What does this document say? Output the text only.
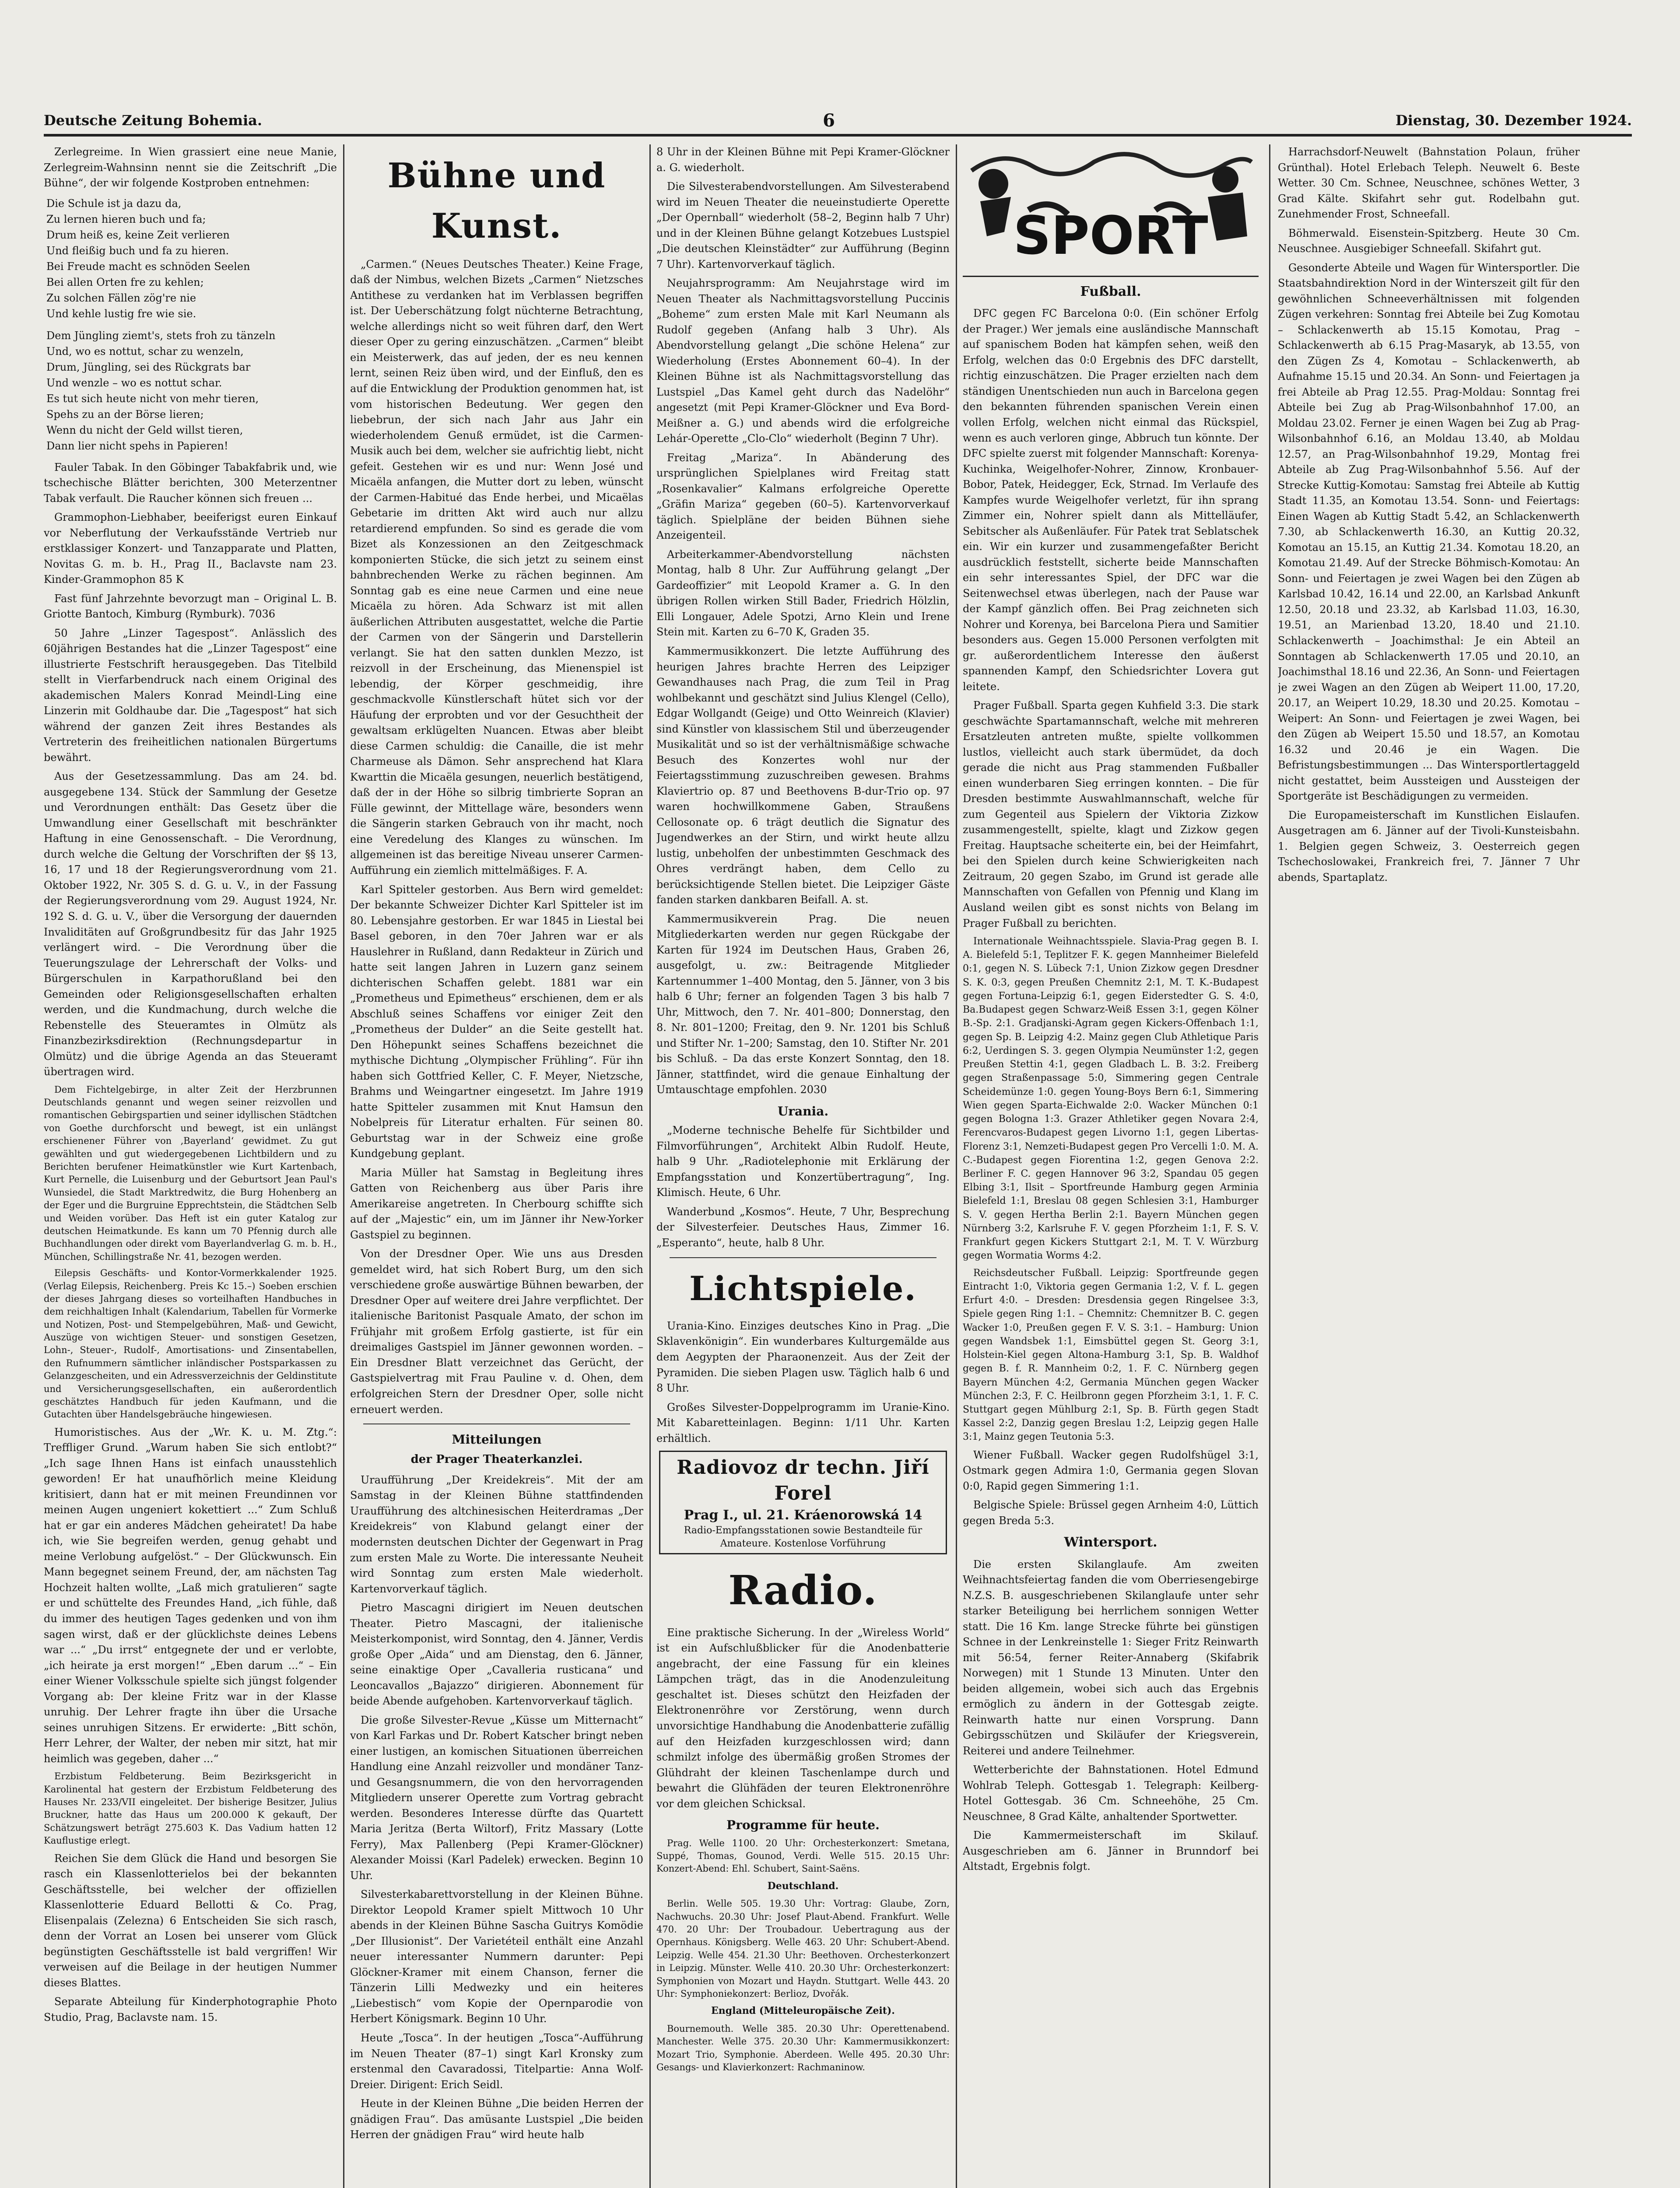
Deutsche Zeitung Bohemia.	6	Dienstag, 30. Dezember 1924.

Zerlegreime. In Wien grassiert eine neue Manie, Zerlegreim-Wahnsinn nennt sie die Zeitschrift „Die Bühne“, der wir folgende Kostproben entnehmen:

Die Schule ist ja dazu da,
Zu lernen hieren buch und fa;
Drum heiß es, keine Zeit verlieren
Und fleißig buch und fa zu hieren.
Bei Freude macht es schnöden Seelen
Bei allen Orten fre zu kehlen;
Zu solchen Fällen zög're nie
Und kehle lustig fre wie sie.
Dem Jüngling ziemt's, stets froh zu tänzeln
Und, wo es nottut, schar zu wenzeln,
Drum, Jüngling, sei des Rückgrats bar
Und wenzle – wo es nottut schar.
Es tut sich heute nicht von mehr tieren,
Spehs zu an der Börse lieren;
Wenn du nicht der Geld willst tieren,
Dann lier nicht spehs in Papieren!

Fauler Tabak. In den Göbinger Tabakfabrik und, wie tschechische Blätter berichten, 300 Meterzentner Tabak verfault. Die Raucher können sich freuen ...

Grammophon-Liebhaber, beeiferigst euren Einkauf vor Neberflutung der Verkaufsstände Vertrieb nur erstklassiger Konzert- und Tanzapparate und Platten, Novitas G. m. b. H., Prag II., Baclavste nam 23. Kinder-Grammophon 85 K

Fast fünf Jahrzehnte bevorzugt man – Original L. B. Griotte Bantoch, Kimburg (Rymburk). 7036

50 Jahre „Linzer Tagespost“. Anlässlich des 60jährigen Bestandes hat die „Linzer Tagespost“ eine illustrierte Festschrift herausgegeben. Das Titelbild stellt in Vierfarbendruck nach einem Original des akademischen Malers Konrad Meindl-Ling eine Linzerin mit Goldhaube dar. Die „Tagespost“ hat sich während der ganzen Zeit ihres Bestandes als Vertreterin des freiheitlichen nationalen Bürgertums bewährt.

Aus der Gesetzessammlung. Das am 24. bd. ausgegebene 134. Stück der Sammlung der Gesetze und Verordnungen enthält: Das Gesetz über die Umwandlung einer Gesellschaft mit beschränkter Haftung in eine Genossenschaft. – Die Verordnung, durch welche die Geltung der Vorschriften der §§ 13, 16, 17 und 18 der Regierungsverordnung vom 21. Oktober 1922, Nr. 305 S. d. G. u. V., in der Fassung der Regierungsverordnung vom 29. August 1924, Nr. 192 S. d. G. u. V., über die Versorgung der dauernden Invaliditäten auf Großgrundbesitz für das Jahr 1925 verlängert wird. – Die Verordnung über die Teuerungszulage der Lehrerschaft der Volks- und Bürgerschulen in Karpathorußland bei den Gemeinden oder Religionsgesellschaften erhalten werden, und die Kundmachung, durch welche die Rebenstelle des Steueramtes in Olmütz als Finanzbezirksdirektion (Rechnungsdepartur in Olmütz) und die übrige Agenda an das Steueramt übertragen wird.

Dem Fichtelgebirge, in alter Zeit der Herzbrunnen Deutschlands genannt und wegen seiner reizvollen und romantischen Gebirgspartien und seiner idyllischen Städtchen von Goethe durchforscht und bewegt, ist ein unlängst erschienener Führer von ‚Bayerland‘ gewidmet. Zu gut gewählten und gut wiedergegebenen Lichtbildern und zu Berichten berufener Heimatkünstler wie Kurt Kartenbach, Kurt Pernelle, die Luisenburg und der Geburtsort Jean Paul's Wunsiedel, die Stadt Marktredwitz, die Burg Hohenberg an der Eger und die Burgruine Epprechtstein, die Städtchen Selb und Weiden vorüber. Das Heft ist ein guter Katalog zur deutschen Heimatkunde. Es kann um 70 Pfennig durch alle Buchhandlungen oder direkt vom Bayerlandverlag G. m. b. H., München, Schillingstraße Nr. 41, bezogen werden.

Eilepsis Geschäfts- und Kontor-Vormerkkalender 1925. (Verlag Eilepsis, Reichenberg. Preis Kc 15.–) Soeben erschien der dieses Jahrgang dieses so vorteilhaften Handbuches in dem reichhaltigen Inhalt (Kalendarium, Tabellen für Vormerke und Notizen, Post- und Stempelgebühren, Maß- und Gewicht, Auszüge von wichtigen Steuer- und sonstigen Gesetzen, Lohn-, Steuer-, Rudolf-, Amortisations- und Zinsentabellen, den Rufnummern sämtlicher inländischer Postsparkassen zu Gelanzgescheiten, und ein Adressverzeichnis der Geldinstitute und Versicherungsgesellschaften, ein außerordentlich geschätztes Handbuch für jeden Kaufmann, und die Gutachten über Handelsgebräuche hingewiesen.

Humoristisches. Aus der „Wr. K. u. M. Ztg.“: Treffliger Grund. „Warum haben Sie sich entlobt?“ „Ich sage Ihnen Hans ist einfach unausstehlich geworden! Er hat unaufhörlich meine Kleidung kritisiert, dann hat er mit meinen Freundinnen vor meinen Augen ungeniert kokettiert ...“ Zum Schluß hat er gar ein anderes Mädchen geheiratet! Da habe ich, wie Sie begreifen werden, genug gehabt und meine Verlobung aufgelöst.“ – Der Glückwunsch. Ein Mann begegnet seinem Freund, der, am nächsten Tag Hochzeit halten wollte, „Laß mich gratulieren“ sagte er und schüttelte des Freundes Hand, „ich fühle, daß du immer des heutigen Tages gedenken und von ihm sagen wirst, daß er der glücklichste deines Lebens war ...“ „Du irrst“ entgegnete der und er verlobte, „ich heirate ja erst morgen!“ „Eben darum ...“ – Ein einer Wiener Volksschule spielte sich jüngst folgender Vorgang ab: Der kleine Fritz war in der Klasse unruhig. Der Lehrer fragte ihn über die Ursache seines unruhigen Sitzens. Er erwiderte: „Bitt schön, Herr Lehrer, der Walter, der neben mir sitzt, hat mir heimlich was gegeben, daher ...“

Erzbistum Feldbeterung. Beim Bezirksgericht in Karolinental hat gestern der Erzbistum Feldbeterung des Hauses Nr. 233/VII eingeleitet. Der bisherige Besitzer, Julius Bruckner, hatte das Haus um 200.000 K gekauft, Der Schätzungswert beträgt 275.603 K. Das Vadium hatten 12 Kauflustige erlegt.

Reichen Sie dem Glück die Hand und besorgen Sie rasch ein Klassenlotterielos bei der bekannten Geschäftsstelle, bei welcher der offiziellen Klassenlotterie Eduard Bellotti & Co. Prag, Elisenpalais (Zelezna) 6 Entscheiden Sie sich rasch, denn der Vorrat an Losen bei unserer vom Glück begünstigten Geschäftsstelle ist bald vergriffen! Wir verweisen auf die Beilage in der heutigen Nummer dieses Blattes.

Separate Abteilung für Kinderphotographie Photo Studio, Prag, Baclavste nam. 15.

Bühne und Kunst.

„Carmen.“ (Neues Deutsches Theater.) Keine Frage, daß der Nimbus, welchen Bizets „Carmen“ Nietzsches Antithese zu verdanken hat im Verblassen begriffen ist. Der Ueberschätzung folgt nüchterne Betrachtung, welche allerdings nicht so weit führen darf, den Wert dieser Oper zu gering einzuschätzen. „Carmen“ bleibt ein Meisterwerk, das auf jeden, der es neu kennen lernt, seinen Reiz üben wird, und der Einfluß, den es auf die Entwicklung der Produktion genommen hat, ist vom historischen Bedeutung. Wer gegen den liebebrun, der sich nach Jahr aus Jahr ein wiederholendem Genuß ermüdet, ist die Carmen-Musik auch bei dem, welcher sie aufrichtig liebt, nicht gefeit. Gestehen wir es und nur: Wenn José und Micaëla anfangen, die Mutter dort zu leben, wünscht der Carmen-Habitué das Ende herbei, und Micaëlas Gebetarie im dritten Akt wird auch nur allzu retardierend empfunden. So sind es gerade die vom Bizet als Konzessionen an den Zeitgeschmack komponierten Stücke, die sich jetzt zu seinem einst bahnbrechenden Werke zu rächen beginnen. Am Sonntag gab es eine neue Carmen und eine neue Micaëla zu hören. Ada Schwarz ist mit allen äußerlichen Attributen ausgestattet, welche die Partie der Carmen von der Sängerin und Darstellerin verlangt. Sie hat den satten dunklen Mezzo, ist reizvoll in der Erscheinung, das Mienenspiel ist lebendig, der Körper geschmeidig, ihre geschmackvolle Künstlerschaft hütet sich vor der Häufung der erprobten und vor der Gesuchtheit der gewaltsam erklügelten Nuancen. Etwas aber bleibt diese Carmen schuldig: die Canaille, die ist mehr Charmeuse als Dämon. Sehr ansprechend hat Klara Kwarttin die Micaëla gesungen, neuerlich bestätigend, daß der in der Höhe so silbrig timbrierte Sopran an Fülle gewinnt, der Mittellage wäre, besonders wenn die Sängerin starken Gebrauch von ihr macht, noch eine Veredelung des Klanges zu wünschen. Im allgemeinen ist das bereitige Niveau unserer Carmen-Aufführung ein ziemlich mittelmäßiges. F. A.

Karl Spitteler gestorben. Aus Bern wird gemeldet: Der bekannte Schweizer Dichter Karl Spitteler ist im 80. Lebensjahre gestorben. Er war 1845 in Liestal bei Basel geboren, in den 70er Jahren war er als Hauslehrer in Rußland, dann Redakteur in Zürich und hatte seit langen Jahren in Luzern ganz seinem dichterischen Schaffen gelebt. 1881 war ein „Prometheus und Epimetheus“ erschienen, dem er als Abschluß seines Schaffens vor einiger Zeit den „Prometheus der Dulder“ an die Seite gestellt hat. Den Höhepunkt seines Schaffens bezeichnet die mythische Dichtung „Olympischer Frühling“. Für ihn haben sich Gottfried Keller, C. F. Meyer, Nietzsche, Brahms und Weingartner eingesetzt. Im Jahre 1919 hatte Spitteler zusammen mit Knut Hamsun den Nobelpreis für Literatur erhalten. Für seinen 80. Geburtstag war in der Schweiz eine große Kundgebung geplant.

Maria Müller hat Samstag in Begleitung ihres Gatten von Reichenberg aus über Paris ihre Amerikareise angetreten. In Cherbourg schiffte sich auf der „Majestic“ ein, um im Jänner ihr New-Yorker Gastspiel zu beginnen.

Von der Dresdner Oper. Wie uns aus Dresden gemeldet wird, hat sich Robert Burg, um den sich verschiedene große auswärtige Bühnen bewarben, der Dresdner Oper auf weitere drei Jahre verpflichtet. Der italienische Baritonist Pasquale Amato, der schon im Frühjahr mit großem Erfolg gastierte, ist für ein dreimaliges Gastspiel im Jänner gewonnen worden. – Ein Dresdner Blatt verzeichnet das Gerücht, der Gastspielvertrag mit Frau Pauline v. d. Ohen, dem erfolgreichen Stern der Dresdner Oper, solle nicht erneuert werden.

Mitteilungen
der Prager Theaterkanzlei.

Uraufführung „Der Kreidekreis“. Mit der am Samstag in der Kleinen Bühne stattfindenden Uraufführung des altchinesischen Heiterdramas „Der Kreidekreis“ von Klabund gelangt einer der modernsten deutschen Dichter der Gegenwart in Prag zum ersten Male zu Worte. Die interessante Neuheit wird Sonntag zum ersten Male wiederholt. Kartenvorverkauf täglich.

Pietro Mascagni dirigiert im Neuen deutschen Theater. Pietro Mascagni, der italienische Meisterkomponist, wird Sonntag, den 4. Jänner, Verdis große Oper „Aida“ und am Dienstag, den 6. Jänner, seine einaktige Oper „Cavalleria rusticana“ und Leoncavallos „Bajazzo“ dirigieren. Abonnement für beide Abende aufgehoben. Kartenvorverkauf täglich.

Die große Silvester-Revue „Küsse um Mitternacht“ von Karl Farkas und Dr. Robert Katscher bringt neben einer lustigen, an komischen Situationen überreichen Handlung eine Anzahl reizvoller und mondäner Tanz- und Gesangsnummern, die von den hervorragenden Mitgliedern unserer Operette zum Vortrag gebracht werden. Besonderes Interesse dürfte das Quartett Maria Jeritza (Berta Wiltorf), Fritz Massary (Lotte Ferry), Max Pallenberg (Pepi Kramer-Glöckner) Alexander Moissi (Karl Padelek) erwecken. Beginn 10 Uhr.

Silvesterkabarettvorstellung in der Kleinen Bühne. Direktor Leopold Kramer spielt Mittwoch 10 Uhr abends in der Kleinen Bühne Sascha Guitrys Komödie „Der Illusionist“. Der Varietéteil enthält eine Anzahl neuer interessanter Nummern darunter: Pepi Glöckner-Kramer mit einem Chanson, ferner die Tänzerin Lilli Medwezky und ein heiteres „Liebestisch“ vom Kopie der Opernparodie von Herbert Königsmark. Beginn 10 Uhr.

Heute „Tosca“. In der heutigen „Tosca“-Aufführung im Neuen Theater (87–1) singt Karl Kronsky zum erstenmal den Cavaradossi, Titelpartie: Anna Wolf-Dreier. Dirigent: Erich Seidl.

Heute in der Kleinen Bühne „Die beiden Herren der gnädigen Frau“. Das amüsante Lustspiel „Die beiden Herren der gnädigen Frau“ wird heute halb

8 Uhr in der Kleinen Bühne mit Pepi Kramer-Glöckner a. G. wiederholt.

Die Silvesterabendvorstellungen. Am Silvesterabend wird im Neuen Theater die neueinstudierte Operette „Der Opernball“ wiederholt (58–2, Beginn halb 7 Uhr) und in der Kleinen Bühne gelangt Kotzebues Lustspiel „Die deutschen Kleinstädter“ zur Aufführung (Beginn 7 Uhr). Kartenvorverkauf täglich.

Neujahrsprogramm: Am Neujahrstage wird im Neuen Theater als Nachmittagsvorstellung Puccinis „Boheme“ zum ersten Male mit Karl Neumann als Rudolf gegeben (Anfang halb 3 Uhr). Als Abendvorstellung gelangt „Die schöne Helena“ zur Wiederholung (Erstes Abonnement 60–4). In der Kleinen Bühne ist als Nachmittagsvorstellung das Lustspiel „Das Kamel geht durch das Nadelöhr“ angesetzt (mit Pepi Kramer-Glöckner und Eva Bord-Meißner a. G.) und abends wird die erfolgreiche Lehár-Operette „Clo-Clo“ wiederholt (Beginn 7 Uhr).

Freitag „Mariza“. In Abänderung des ursprünglichen Spielplanes wird Freitag statt „Rosenkavalier“ Kalmans erfolgreiche Operette „Gräfin Mariza“ gegeben (60–5). Kartenvorverkauf täglich. Spielpläne der beiden Bühnen siehe Anzeigenteil.

Arbeiterkammer-Abendvorstellung nächsten Montag, halb 8 Uhr. Zur Aufführung gelangt „Der Gardeoffizier“ mit Leopold Kramer a. G. In den übrigen Rollen wirken Still Bader, Friedrich Hölzlin, Elli Longauer, Adele Spotzi, Arno Klein und Irene Stein mit. Karten zu 6–70 K, Graden 35.

Kammermusikkonzert. Die letzte Aufführung des heurigen Jahres brachte Herren des Leipziger Gewandhauses nach Prag, die zum Teil in Prag wohlbekannt und geschätzt sind Julius Klengel (Cello), Edgar Wollgandt (Geige) und Otto Weinreich (Klavier) sind Künstler von klassischem Stil und überzeugender Musikalität und so ist der verhältnismäßige schwache Besuch des Konzertes wohl nur der Feiertagsstimmung zuzuschreiben gewesen. Brahms Klaviertrio op. 87 und Beethovens B-dur-Trio op. 97 waren hochwillkommene Gaben, Straußens Cellosonate op. 6 trägt deutlich die Signatur des Jugendwerkes an der Stirn, und wirkt heute allzu lustig, unbeholfen der unbestimmten Geschmack des Ohres verdrängt haben, dem Cello zu berücksichtigende Stellen bietet. Die Leipziger Gäste fanden starken dankbaren Beifall. A. st.

Kammermusikverein Prag. Die neuen Mitgliederkarten werden nur gegen Rückgabe der Karten für 1924 im Deutschen Haus, Graben 26, ausgefolgt, u. zw.: Beitragende Mitglieder Kartennummer 1–400 Montag, den 5. Jänner, von 3 bis halb 6 Uhr; ferner an folgenden Tagen 3 bis halb 7 Uhr, Mittwoch, den 7. Nr. 401–800; Donnerstag, den 8. Nr. 801–1200; Freitag, den 9. Nr. 1201 bis Schluß und Stifter Nr. 1–200; Samstag, den 10. Stifter Nr. 201 bis Schluß. – Da das erste Konzert Sonntag, den 18. Jänner, stattfindet, wird die genaue Einhaltung der Umtauschtage empfohlen. 2030

Urania.

„Moderne technische Behelfe für Sichtbilder und Filmvorführungen“, Architekt Albin Rudolf. Heute, halb 9 Uhr. „Radiotelephonie mit Erklärung der Empfangsstation und Konzertübertragung“, Ing. Klimisch. Heute, 6 Uhr.

Wanderbund „Kosmos“. Heute, 7 Uhr, Besprechung der Silvesterfeier. Deutsches Haus, Zimmer 16. „Esperanto“, heute, halb 8 Uhr.

Lichtspiele.

Urania-Kino. Einziges deutsches Kino in Prag. „Die Sklavenkönigin“. Ein wunderbares Kulturgemälde aus dem Aegypten der Pharaonenzeit. Aus der Zeit der Pyramiden. Die sieben Plagen usw. Täglich halb 6 und 8 Uhr.

Großes Silvester-Doppelprogramm im Uranie-Kino. Mit Kabaretteinlagen. Beginn: 1/11 Uhr. Karten erhältlich.

Radiovoz dr techn. Jiří Forel
Prag I., ul. 21. Kráenorowská 14
Radio-Empfangsstationen sowie Bestandteile für Amateure. Kostenlose Vorführung
Radio.

Eine praktische Sicherung. In der „Wireless World“ ist ein Aufschlußblicker für die Anodenbatterie angebracht, der eine Fassung für ein kleines Lämpchen trägt, das in die Anodenzuleitung geschaltet ist. Dieses schützt den Heizfaden der Elektronenröhre vor Zerstörung, wenn durch unvorsichtige Handhabung die Anodenbatterie zufällig auf den Heizfaden kurzgeschlossen wird; dann schmilzt infolge des übermäßig großen Stromes der Glühdraht der kleinen Taschenlampe durch und bewahrt die Glühfäden der teuren Elektronenröhre vor dem gleichen Schicksal.

Programme für heute.

Prag. Welle 1100. 20 Uhr: Orchesterkonzert: Smetana, Suppé, Thomas, Gounod, Verdi. Welle 515. 20.15 Uhr: Konzert-Abend: Ehl. Schubert, Saint-Saëns.

Deutschland.

Berlin. Welle 505. 19.30 Uhr: Vortrag: Glaube, Zorn, Nachwuchs. 20.30 Uhr: Josef Plaut-Abend. Frankfurt. Welle 470. 20 Uhr: Der Troubadour. Uebertragung aus der Opernhaus. Königsberg. Welle 463. 20 Uhr: Schubert-Abend. Leipzig. Welle 454. 21.30 Uhr: Beethoven. Orchesterkonzert in Leipzig. Münster. Welle 410. 20.30 Uhr: Orchesterkonzert: Symphonien von Mozart und Haydn. Stuttgart. Welle 443. 20 Uhr: Symphoniekonzert: Berlioz, Dvořák.

England (Mitteleuropäische Zeit).

Bournemouth. Welle 385. 20.30 Uhr: Operettenabend. Manchester. Welle 375. 20.30 Uhr: Kammermusikkonzert: Mozart Trio, Symphonie. Aberdeen. Welle 495. 20.30 Uhr: Gesangs- und Klavierkonzert: Rachmaninow.

SPORT
Fußball.

DFC gegen FC Barcelona 0:0. (Ein schöner Erfolg der Prager.) Wer jemals eine ausländische Mannschaft auf spanischem Boden hat kämpfen sehen, weiß den Erfolg, welchen das 0:0 Ergebnis des DFC darstellt, richtig einzuschätzen. Die Prager erzielten nach dem ständigen Unentschieden nun auch in Barcelona gegen den bekannten führenden spanischen Verein einen vollen Erfolg, welchen nicht einmal das Rückspiel, wenn es auch verloren ginge, Abbruch tun könnte. Der DFC spielte zuerst mit folgender Mannschaft: Korenya-Kuchinka, Weigelhofer-Nohrer, Zinnow, Kronbauer-Bobor, Patek, Heidegger, Eck, Strnad. Im Verlaufe des Kampfes wurde Weigelhofer verletzt, für ihn sprang Zimmer ein, Nohrer spielt dann als Mittelläufer, Sebitscher als Außenläufer. Für Patek trat Seblatschek ein. Wir ein kurzer und zusammengefaßter Bericht ausdrücklich feststellt, sicherte beide Mannschaften ein sehr interessantes Spiel, der DFC war die Seitenwechsel etwas überlegen, nach der Pause war der Kampf gänzlich offen. Bei Prag zeichneten sich Nohrer und Korenya, bei Barcelona Piera und Samitier besonders aus. Gegen 15.000 Personen verfolgten mit gr. außerordentlichem Interesse den äußerst spannenden Kampf, den Schiedsrichter Lovera gut leitete.

Prager Fußball. Sparta gegen Kuhfield 3:3. Die stark geschwächte Spartamannschaft, welche mit mehreren Ersatzleuten antreten mußte, spielte vollkommen lustlos, vielleicht auch stark übermüdet, da doch gerade die nicht aus Prag stammenden Fußballer einen wunderbaren Sieg erringen konnten. – Die für Dresden bestimmte Auswahlmannschaft, welche für zum Gegenteil aus Spielern der Viktoria Zizkow zusammengestellt, spielte, klagt und Zizkow gegen Freitag. Hauptsache scheiterte ein, bei der Heimfahrt, bei den Spielen durch keine Schwierigkeiten nach Zeitraum, 20 gegen Szabo, im Grund ist gerade alle Mannschaften von Gefallen von Pfennig und Klang im Ausland weilen gibt es sonst nichts von Belang im Prager Fußball zu berichten.

Internationale Weihnachtsspiele. Slavia-Prag gegen B. I. A. Bielefeld 5:1, Teplitzer F. K. gegen Mannheimer Bielefeld 0:1, gegen N. S. Lübeck 7:1, Union Zizkow gegen Dresdner S. K. 0:3, gegen Preußen Chemnitz 2:1, M. T. K.-Budapest gegen Fortuna-Leipzig 6:1, gegen Eiderstedter G. S. 4:0, Ba.Budapest gegen Schwarz-Weiß Essen 3:1, gegen Kölner B.-Sp. 2:1. Gradjanski-Agram gegen Kickers-Offenbach 1:1, gegen Sp. B. Leipzig 4:2. Mainz gegen Club Athletique Paris 6:2, Uerdingen S. 3. gegen Olympia Neumünster 1:2, gegen Preußen Stettin 4:1, gegen Gladbach L. B. 3:2. Freiberg gegen Straßenpassage 5:0, Simmering gegen Centrale Scheidemünze 1:0. gegen Young-Boys Bern 6:1, Simmering Wien gegen Sparta-Eichwalde 2:0. Wacker München 0:1 gegen Bologna 1:3. Grazer Athletiker gegen Novara 2:4, Ferencvaros-Budapest gegen Livorno 1:1, gegen Libertas-Florenz 3:1, Nemzeti-Budapest gegen Pro Vercelli 1:0. M. A. C.-Budapest gegen Fiorentina 1:2, gegen Genova 2:2. Berliner F. C. gegen Hannover 96 3:2, Spandau 05 gegen Elbing 3:1, Ilsit – Sportfreunde Hamburg gegen Arminia Bielefeld 1:1, Breslau 08 gegen Schlesien 3:1, Hamburger S. V. gegen Hertha Berlin 2:1. Bayern München gegen Nürnberg 3:2, Karlsruhe F. V. gegen Pforzheim 1:1, F. S. V. Frankfurt gegen Kickers Stuttgart 2:1, M. T. V. Würzburg gegen Wormatia Worms 4:2.

Reichsdeutscher Fußball. Leipzig: Sportfreunde gegen Eintracht 1:0, Viktoria gegen Germania 1:2, V. f. L. gegen Erfurt 4:0. – Dresden: Dresdensia gegen Ringelsee 3:3, Spiele gegen Ring 1:1. – Chemnitz: Chemnitzer B. C. gegen Wacker 1:0, Preußen gegen F. V. S. 3:1. – Hamburg: Union gegen Wandsbek 1:1, Eimsbüttel gegen St. Georg 3:1, Holstein-Kiel gegen Altona-Hamburg 3:1, Sp. B. Waldhof gegen B. f. R. Mannheim 0:2, 1. F. C. Nürnberg gegen Bayern München 4:2, Germania München gegen Wacker München 2:3, F. C. Heilbronn gegen Pforzheim 3:1, 1. F. C. Stuttgart gegen Mühlburg 2:1, Sp. B. Fürth gegen Stadt Kassel 2:2, Danzig gegen Breslau 1:2, Leipzig gegen Halle 3:1, Mainz gegen Teutonia 5:3.

Wiener Fußball. Wacker gegen Rudolfshügel 3:1, Ostmark gegen Admira 1:0, Germania gegen Slovan 0:0, Rapid gegen Simmering 1:1.

Belgische Spiele: Brüssel gegen Arnheim 4:0, Lüttich gegen Breda 5:3.

Wintersport.

Die ersten Skilanglaufe. Am zweiten Weihnachtsfeiertag fanden die vom Oberriesengebirge N.Z.S. B. ausgeschriebenen Skilanglaufe unter sehr starker Beteiligung bei herrlichem sonnigen Wetter statt. Die 16 Km. lange Strecke führte bei günstigen Schnee in der Lenkreinstelle 1: Sieger Fritz Reinwarth mit 56:54, ferner Reiter-Annaberg (Skifabrik Norwegen) mit 1 Stunde 13 Minuten. Unter den beiden allgemein, wobei sich auch das Ergebnis ermöglich zu ändern in der Gottesgab zeigte. Reinwarth hatte nur einen Vorsprung. Dann Gebirgsschützen und Skiläufer der Kriegsverein, Reiterei und andere Teilnehmer.

Wetterberichte der Bahnstationen. Hotel Edmund Wohlrab Teleph. Gottesgab 1. Telegraph: Keilberg-Hotel Gottesgab. 36 Cm. Schneehöhe, 25 Cm. Neuschnee, 8 Grad Kälte, anhaltender Sportwetter.

Die Kammermeisterschaft im Skilauf. Ausgeschrieben am 6. Jänner in Brunndorf bei Altstadt, Ergebnis folgt.

Harrachsdorf-Neuwelt (Bahnstation Polaun, früher Grünthal). Hotel Erlebach Teleph. Neuwelt 6. Beste Wetter. 30 Cm. Schnee, Neuschnee, schönes Wetter, 3 Grad Kälte. Skifahrt sehr gut. Rodelbahn gut. Zunehmender Frost, Schneefall.

Böhmerwald. Eisenstein-Spitzberg. Heute 30 Cm. Neuschnee. Ausgiebiger Schneefall. Skifahrt gut.

Gesonderte Abteile und Wagen für Wintersportler. Die Staatsbahndirektion Nord in der Winterszeit gilt für den gewöhnlichen Schneeverhältnissen mit folgenden Zügen verkehren: Sonntag frei Abteile bei Zug Komotau – Schlackenwerth ab 15.15 Komotau, Prag – Schlackenwerth ab 6.15 Prag-Masaryk, ab 13.55, von den Zügen Zs 4, Komotau – Schlackenwerth, ab Aufnahme 15.15 und 20.34. An Sonn- und Feiertagen ja frei Abteile ab Prag 12.55. Prag-Moldau: Sonntag frei Abteile bei Zug ab Prag-Wilsonbahnhof 17.00, an Moldau 23.02. Ferner je einen Wagen bei Zug ab Prag-Wilsonbahnhof 6.16, an Moldau 13.40, ab Moldau 12.57, an Prag-Wilsonbahnhof 19.29, Montag frei Abteile ab Zug Prag-Wilsonbahnhof 5.56. Auf der Strecke Kuttig-Komotau: Samstag frei Abteile ab Kuttig Stadt 11.35, an Komotau 13.54. Sonn- und Feiertags: Einen Wagen ab Kuttig Stadt 5.42, an Schlackenwerth 7.30, ab Schlackenwerth 16.30, an Kuttig 20.32, Komotau an 15.15, an Kuttig 21.34. Komotau 18.20, an Komotau 21.49. Auf der Strecke Böhmisch-Komotau: An Sonn- und Feiertagen je zwei Wagen bei den Zügen ab Karlsbad 10.42, 16.14 und 22.00, an Karlsbad Ankunft 12.50, 20.18 und 23.32, ab Karlsbad 11.03, 16.30, 19.51, an Marienbad 13.20, 18.40 und 21.10. Schlackenwerth – Joachimsthal: Je ein Abteil an Sonntagen ab Schlackenwerth 17.05 und 20.10, an Joachimsthal 18.16 und 22.36, An Sonn- und Feiertagen je zwei Wagen an den Zügen ab Weipert 11.00, 17.20, 20.17, an Weipert 10.29, 18.30 und 20.25. Komotau – Weipert: An Sonn- und Feiertagen je zwei Wagen, bei den Zügen ab Weipert 15.50 und 18.57, an Komotau 16.32 und 20.46 je ein Wagen. Die Befristungsbestimmungen ... Das Wintersportlertaggeld nicht gestattet, beim Aussteigen und Aussteigen der Sportgeräte ist Beschädigungen zu vermeiden.

Die Europameisterschaft im Kunstlichen Eislaufen. Ausgetragen am 6. Jänner auf der Tivoli-Kunsteisbahn. 1. Belgien gegen Schweiz, 3. Oesterreich gegen Tschechoslowakei, Frankreich frei, 7. Jänner 7 Uhr abends, Spartaplatz.
